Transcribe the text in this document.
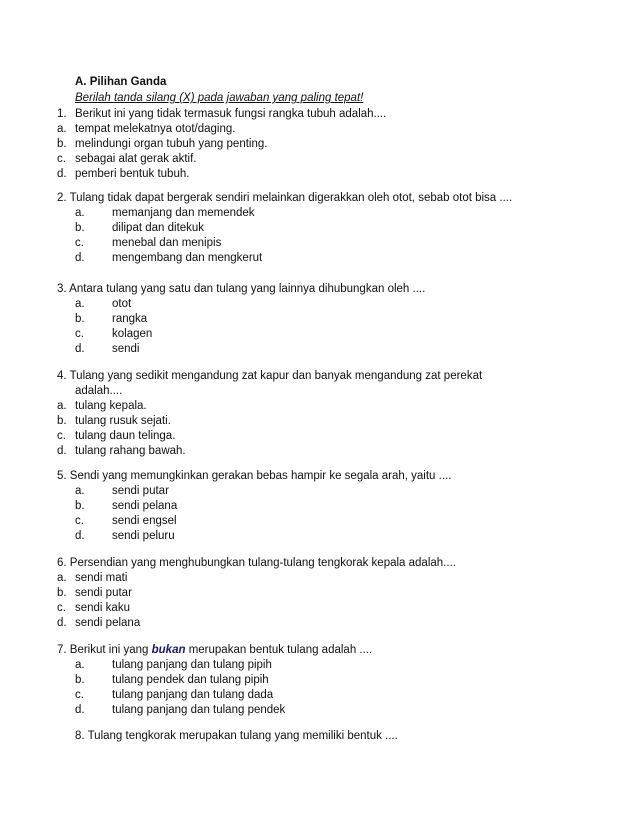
A. Pilihan Ganda
Berilah tanda silang (X) pada jawaban yang paling tepat!
1. Berikut ini yang tidak termasuk fungsi rangka tubuh adalah....
a. tempat melekatnya otot/daging.
b. melindungi organ tubuh yang penting.
c. sebagai alat gerak aktif.
d. pemberi bentuk tubuh.
2. Tulang tidak dapat bergerak sendiri melainkan digerakkan oleh otot, sebab otot bisa ....
a. memanjang dan memendek
b. dilipat dan ditekuk
c. menebal dan menipis
d. mengembang dan mengkerut
3. Antara tulang yang satu dan tulang yang lainnya dihubungkan oleh ....
a. otot
b. rangka
c. kolagen
d. sendi
4. Tulang yang sedikit mengandung zat kapur dan banyak mengandung zat perekat
adalah....
a. tulang kepala.
b. tulang rusuk sejati.
c. tulang daun telinga.
d. tulang rahang bawah.
5. Sendi yang memungkinkan gerakan bebas hampir ke segala arah, yaitu ....
a. sendi putar
b. sendi pelana
c. sendi engsel
d. sendi peluru
6. Persendian yang menghubungkan tulang-tulang tengkorak kepala adalah....
a. sendi mati
b. sendi putar
c. sendi kaku
d. sendi pelana
7. Berikut ini yang bukan merupakan bentuk tulang adalah ....
a. tulang panjang dan tulang pipih
b. tulang pendek dan tulang pipih
c. tulang panjang dan tulang dada
d. tulang panjang dan tulang pendek
8. Tulang tengkorak merupakan tulang yang memiliki bentuk ....
